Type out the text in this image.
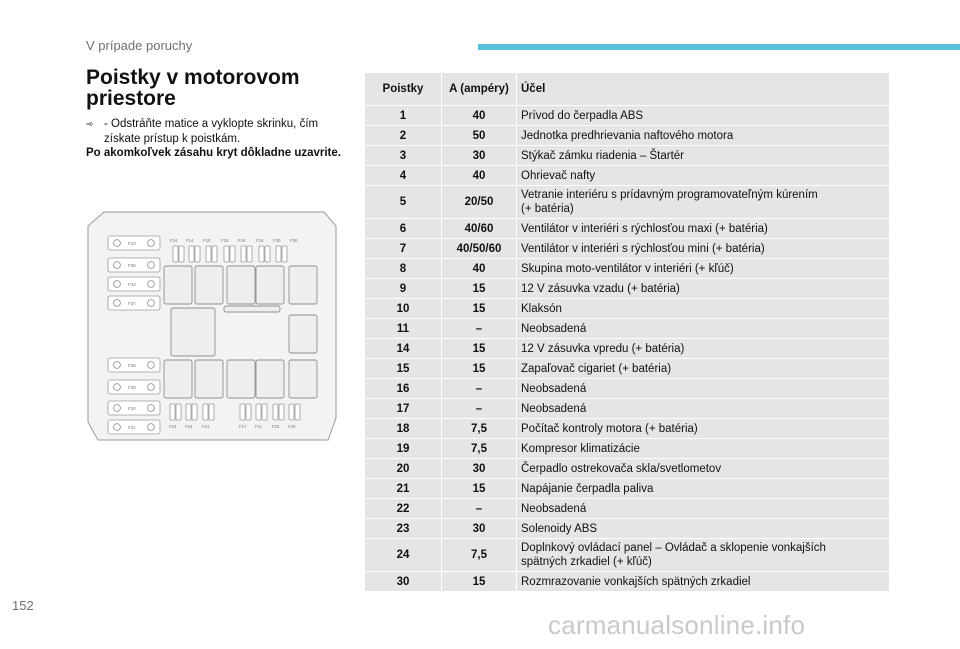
V prípade poruchy
Poistky v motorovom priestore
➾ - Odstráňte matice a vyklopte skrinku, čím získate prístup k poistkám.
Po akomkoľvek zásahu kryt dôkladne uzavrite.
F33
F36
F34
F37
F36
F38
F32
F31
F24 F14 F10 F15 F19 F16 F30 F30
F23 F18 F21	F17 F11 F22 F20
Poistky	A (ampéry)	Účel
1	40	Prívod do čerpadla ABS
2	50	Jednotka predhrievania naftového motora
3	30	Stýkač zámku riadenia – Štartér
4	40	Ohrievač nafty
5	20/50	Vetranie interiéru s prídavným programovateľným kúrením
(+ batéria)
6	40/60	Ventilátor v interiéri s rýchlosťou maxi (+ batéria)
7	40/50/60	Ventilátor v interiéri s rýchlosťou mini (+ batéria)
8	40	Skupina moto-ventilátor v interiéri (+ kľúč)
9	15	12 V zásuvka vzadu (+ batéria)
10	15	Klaksón
11	–	Neobsadená
14	15	12 V zásuvka vpredu (+ batéria)
15	15	Zapaľovač cigariet (+ batéria)
16	–	Neobsadená
17	–	Neobsadená
18	7,5	Počítač kontroly motora (+ batéria)
19	7,5	Kompresor klimatizácie
20	30	Čerpadlo ostrekovača skla/svetlometov
21	15	Napájanie čerpadla paliva
22	–	Neobsadená
23	30	Solenoidy ABS
24	7,5	Doplnkový ovládací panel – Ovládač a sklopenie vonkajších
spätných zrkadiel (+ kľúč)
30	15	Rozmrazovanie vonkajších spätných zrkadiel
152
carmanualsonline.info
